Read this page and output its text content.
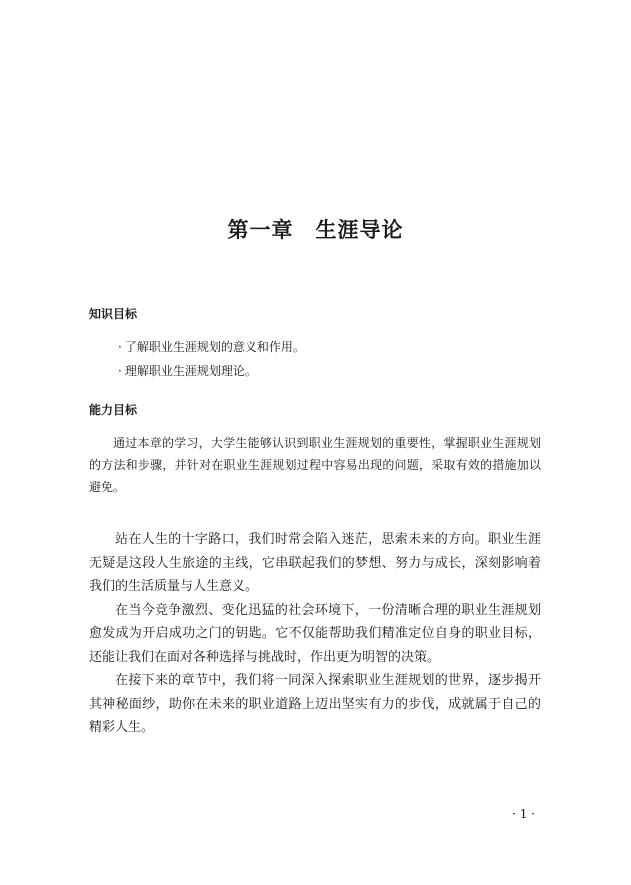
第一章　生涯导论
知识目标
· 了解职业生涯规划的意义和作用。
· 理解职业生涯规划理论。
能力目标

通过本章的学习，大学生能够认识到职业生涯规划的重要性，掌握职业生涯规划的方法和步骤，并针对在职业生涯规划过程中容易出现的问题，采取有效的措施加以避免。

站在人生的十字路口，我们时常会陷入迷茫，思索未来的方向。职业生涯无疑是这段人生旅途的主线，它串联起我们的梦想、努力与成长，深刻影响着我们的生活质量与人生意义。

在当今竞争激烈、变化迅猛的社会环境下，一份清晰合理的职业生涯规划愈发成为开启成功之门的钥匙。它不仅能帮助我们精准定位自身的职业目标，还能让我们在面对各种选择与挑战时，作出更为明智的决策。

在接下来的章节中，我们将一同深入探索职业生涯规划的世界，逐步揭开其神秘面纱，助你在未来的职业道路上迈出坚实有力的步伐，成就属于自己的精彩人生。

· 1 ·
